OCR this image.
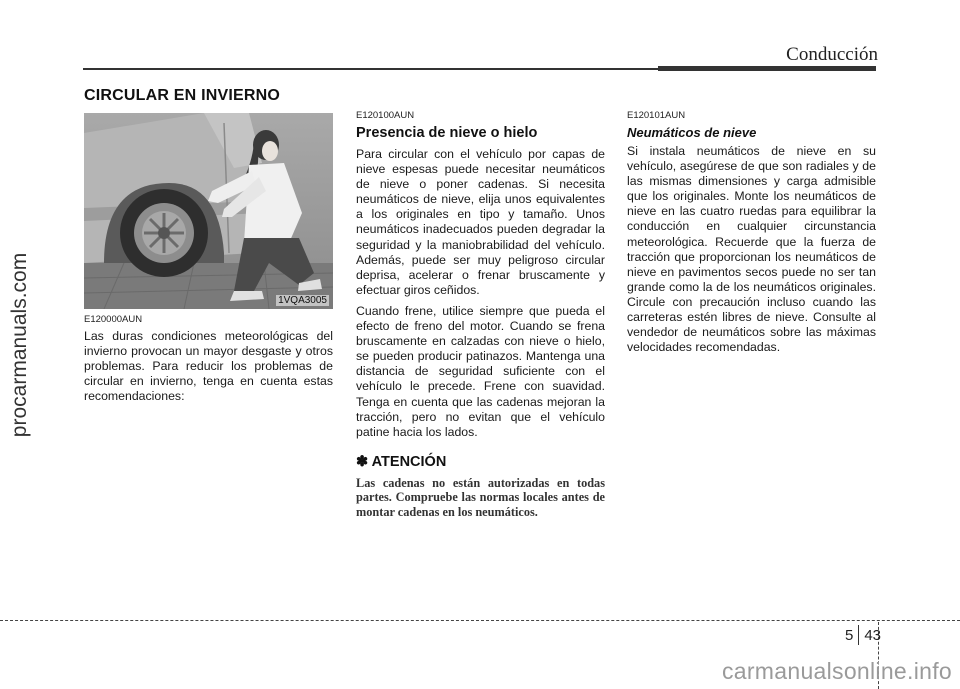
procarmanuals.com
Conducción
CIRCULAR EN INVIERNO
1VQA3005

E120000AUN

Las duras condiciones meteorológicas del invierno provocan un mayor desgaste y otros problemas. Para reducir los problemas de circular en invierno, tenga en cuenta estas recomendaciones:

E120100AUN

Presencia de nieve o hielo

Para circular con el vehículo por capas de nieve espesas puede necesitar neumáticos de nieve o poner cadenas. Si necesita neumáticos de nieve, elija unos equivalentes a los originales en tipo y tamaño. Unos neumáticos inadecuados pueden degradar la seguridad y la maniobrabilidad del vehículo. Además, puede ser muy peligroso circular deprisa, acelerar o frenar bruscamente y efectuar giros ceñidos.

Cuando frene, utilice siempre que pueda el efecto de freno del motor. Cuando se frena bruscamente en calzadas con nieve o hielo, se pueden producir patinazos. Mantenga una distancia de seguridad suficiente con el vehículo le precede. Frene con suavidad. Tenga en cuenta que las cadenas mejoran la tracción, pero no evitan que el vehículo patine hacia los lados.

✽ ATENCIÓN

Las cadenas no están autorizadas en todas partes. Compruebe las normas locales antes de montar cadenas en los neumáticos.

E120101AUN

Neumáticos de nieve

Si instala neumáticos de nieve en su vehículo, asegúrese de que son radiales y de las mismas dimensiones y carga admisible que los originales. Monte los neumáticos de nieve en las cuatro ruedas para equilibrar la conducción en cualquier circunstancia meteorológica. Recuerde que la fuerza de tracción que proporcionan los neumáticos de nieve en pavimentos secos puede no ser tan grande como la de los neumáticos originales. Circule con precaución incluso cuando las carreteras estén libres de nieve. Consulte al vendedor de neumáticos sobre las máximas velocidades recomendadas.

5 43
carmanualsonline.info
